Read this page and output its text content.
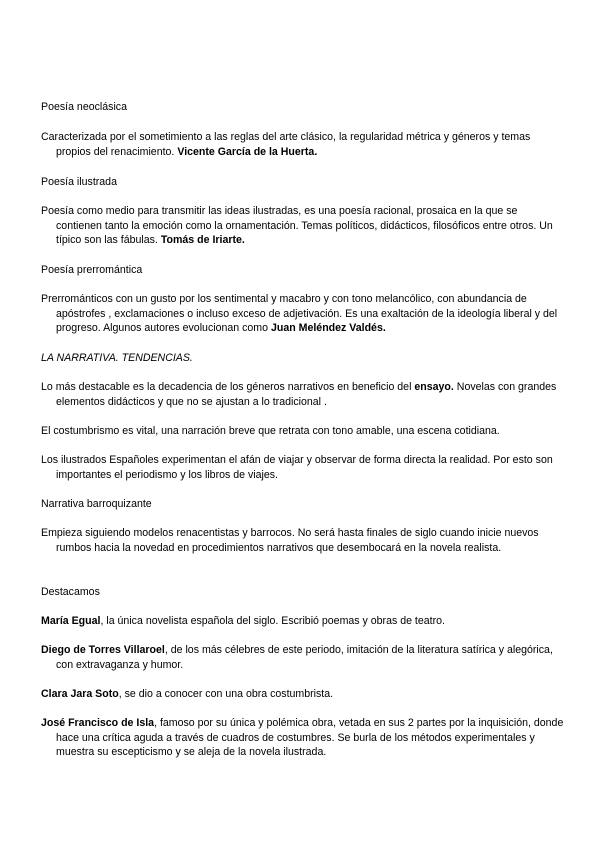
Poesía neoclásica
Caracterizada por el sometimiento a las reglas del arte clásico, la regularidad métrica y géneros y temas propios del renacimiento. Vicente García de la Huerta.
Poesía ilustrada
Poesía como medio para transmitir las ideas ilustradas, es una poesía racional, prosaica en la que se contienen tanto la emoción como la ornamentación. Temas políticos, didácticos, filosóficos entre otros. Un típico son las fábulas. Tomás de Iriarte.
Poesía prerromántica
Prerrománticos con un gusto por los sentimental y macabro y con tono melancólico, con abundancia de apóstrofes , exclamaciones o incluso exceso de adjetivación. Es una exaltación de la ideología liberal y del progreso. Algunos autores evolucionan como Juan Meléndez Valdés.
LA NARRATIVA. TENDENCIAS.
Lo más destacable es la decadencia de los géneros narrativos en beneficio del ensayo. Novelas con grandes elementos didácticos y que no se ajustan a lo tradicional .
El costumbrismo es vital, una narración breve que retrata con tono amable, una escena cotidiana.
Los ilustrados Españoles experimentan el afán de viajar y observar de forma directa la realidad. Por esto son importantes el periodismo y los libros de viajes.
Narrativa barroquizante
Empieza siguiendo modelos renacentistas y barrocos. No será hasta finales de siglo cuando inicie nuevos rumbos hacia la novedad en procedimientos narrativos que desembocará en la novela realista.
Destacamos
María Egual, la única novelista española del siglo. Escribió poemas y obras de teatro.
Diego de Torres Villaroel, de los más célebres de este periodo, imitación de la literatura satírica y alegórica, con extravaganza y humor.
Clara Jara Soto, se dio a conocer con una obra costumbrista.
José Francisco de Isla, famoso por su única y polémica obra, vetada en sus 2 partes por la inquisición, donde hace una crítica aguda a través de cuadros de costumbres. Se burla de los métodos experimentales y muestra su escepticismo y se aleja de la novela ilustrada.
